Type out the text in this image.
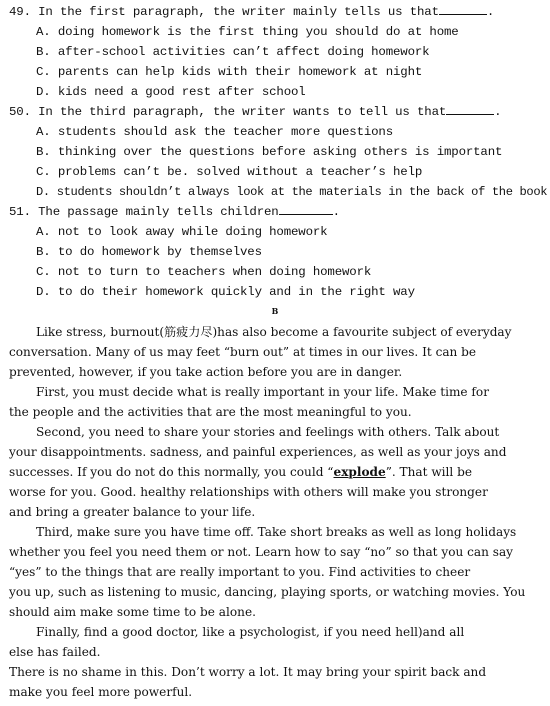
49. In the first paragraph, the writer mainly tells us that	.
A. doing homework is the first thing you should do at home
B. after-school activities can’t affect doing homework
C. parents can help kids with their homework at night
D. kids need a good rest after school
50. In the third paragraph, the writer wants to tell us that	.
A. students should ask the teacher more questions
B. thinking over the questions before asking others is important
C. problems can’t be. solved without a teacher’s help
D. students shouldn’t always look at the materials in the back of the book
51. The passage mainly tells children	.
A. not to look away while doing homework
B. to do homework by themselves
C. not to turn to teachers when doing homework
D. to do their homework quickly and in the right way
B
Like stress, burnout(筋疲力尽)has also become a favourite subject of everyday
conversation. Many of us may feet “burn out” at times in our lives. It can be
prevented, however, if you take action before you are in danger.
First, you must decide what is really important in your life. Make time for
the people and the activities that are the most meaningful to you.
Second, you need to share your stories and feelings with others. Talk about
your disappointments. sadness, and painful experiences, as well as your joys and
successes. If you do not do this normally, you could “explode”. That will be
worse for you. Good. healthy relationships with others will make you stronger
and bring a greater balance to your life.
Third, make sure you have time off. Take short breaks as well as long holidays
whether you feel you need them or not. Learn how to say “no” so that you can say
“yes” to the things that are really important to you. Find activities to cheer
you up, such as listening to music, dancing, playing sports, or watching movies. You
should aim make some time to be alone.
Finally, find a good doctor, like a psychologist, if you need hell)and all
else has failed.
There is no shame in this. Don’t worry a lot. It may bring your spirit back and
make you feel more powerful.
